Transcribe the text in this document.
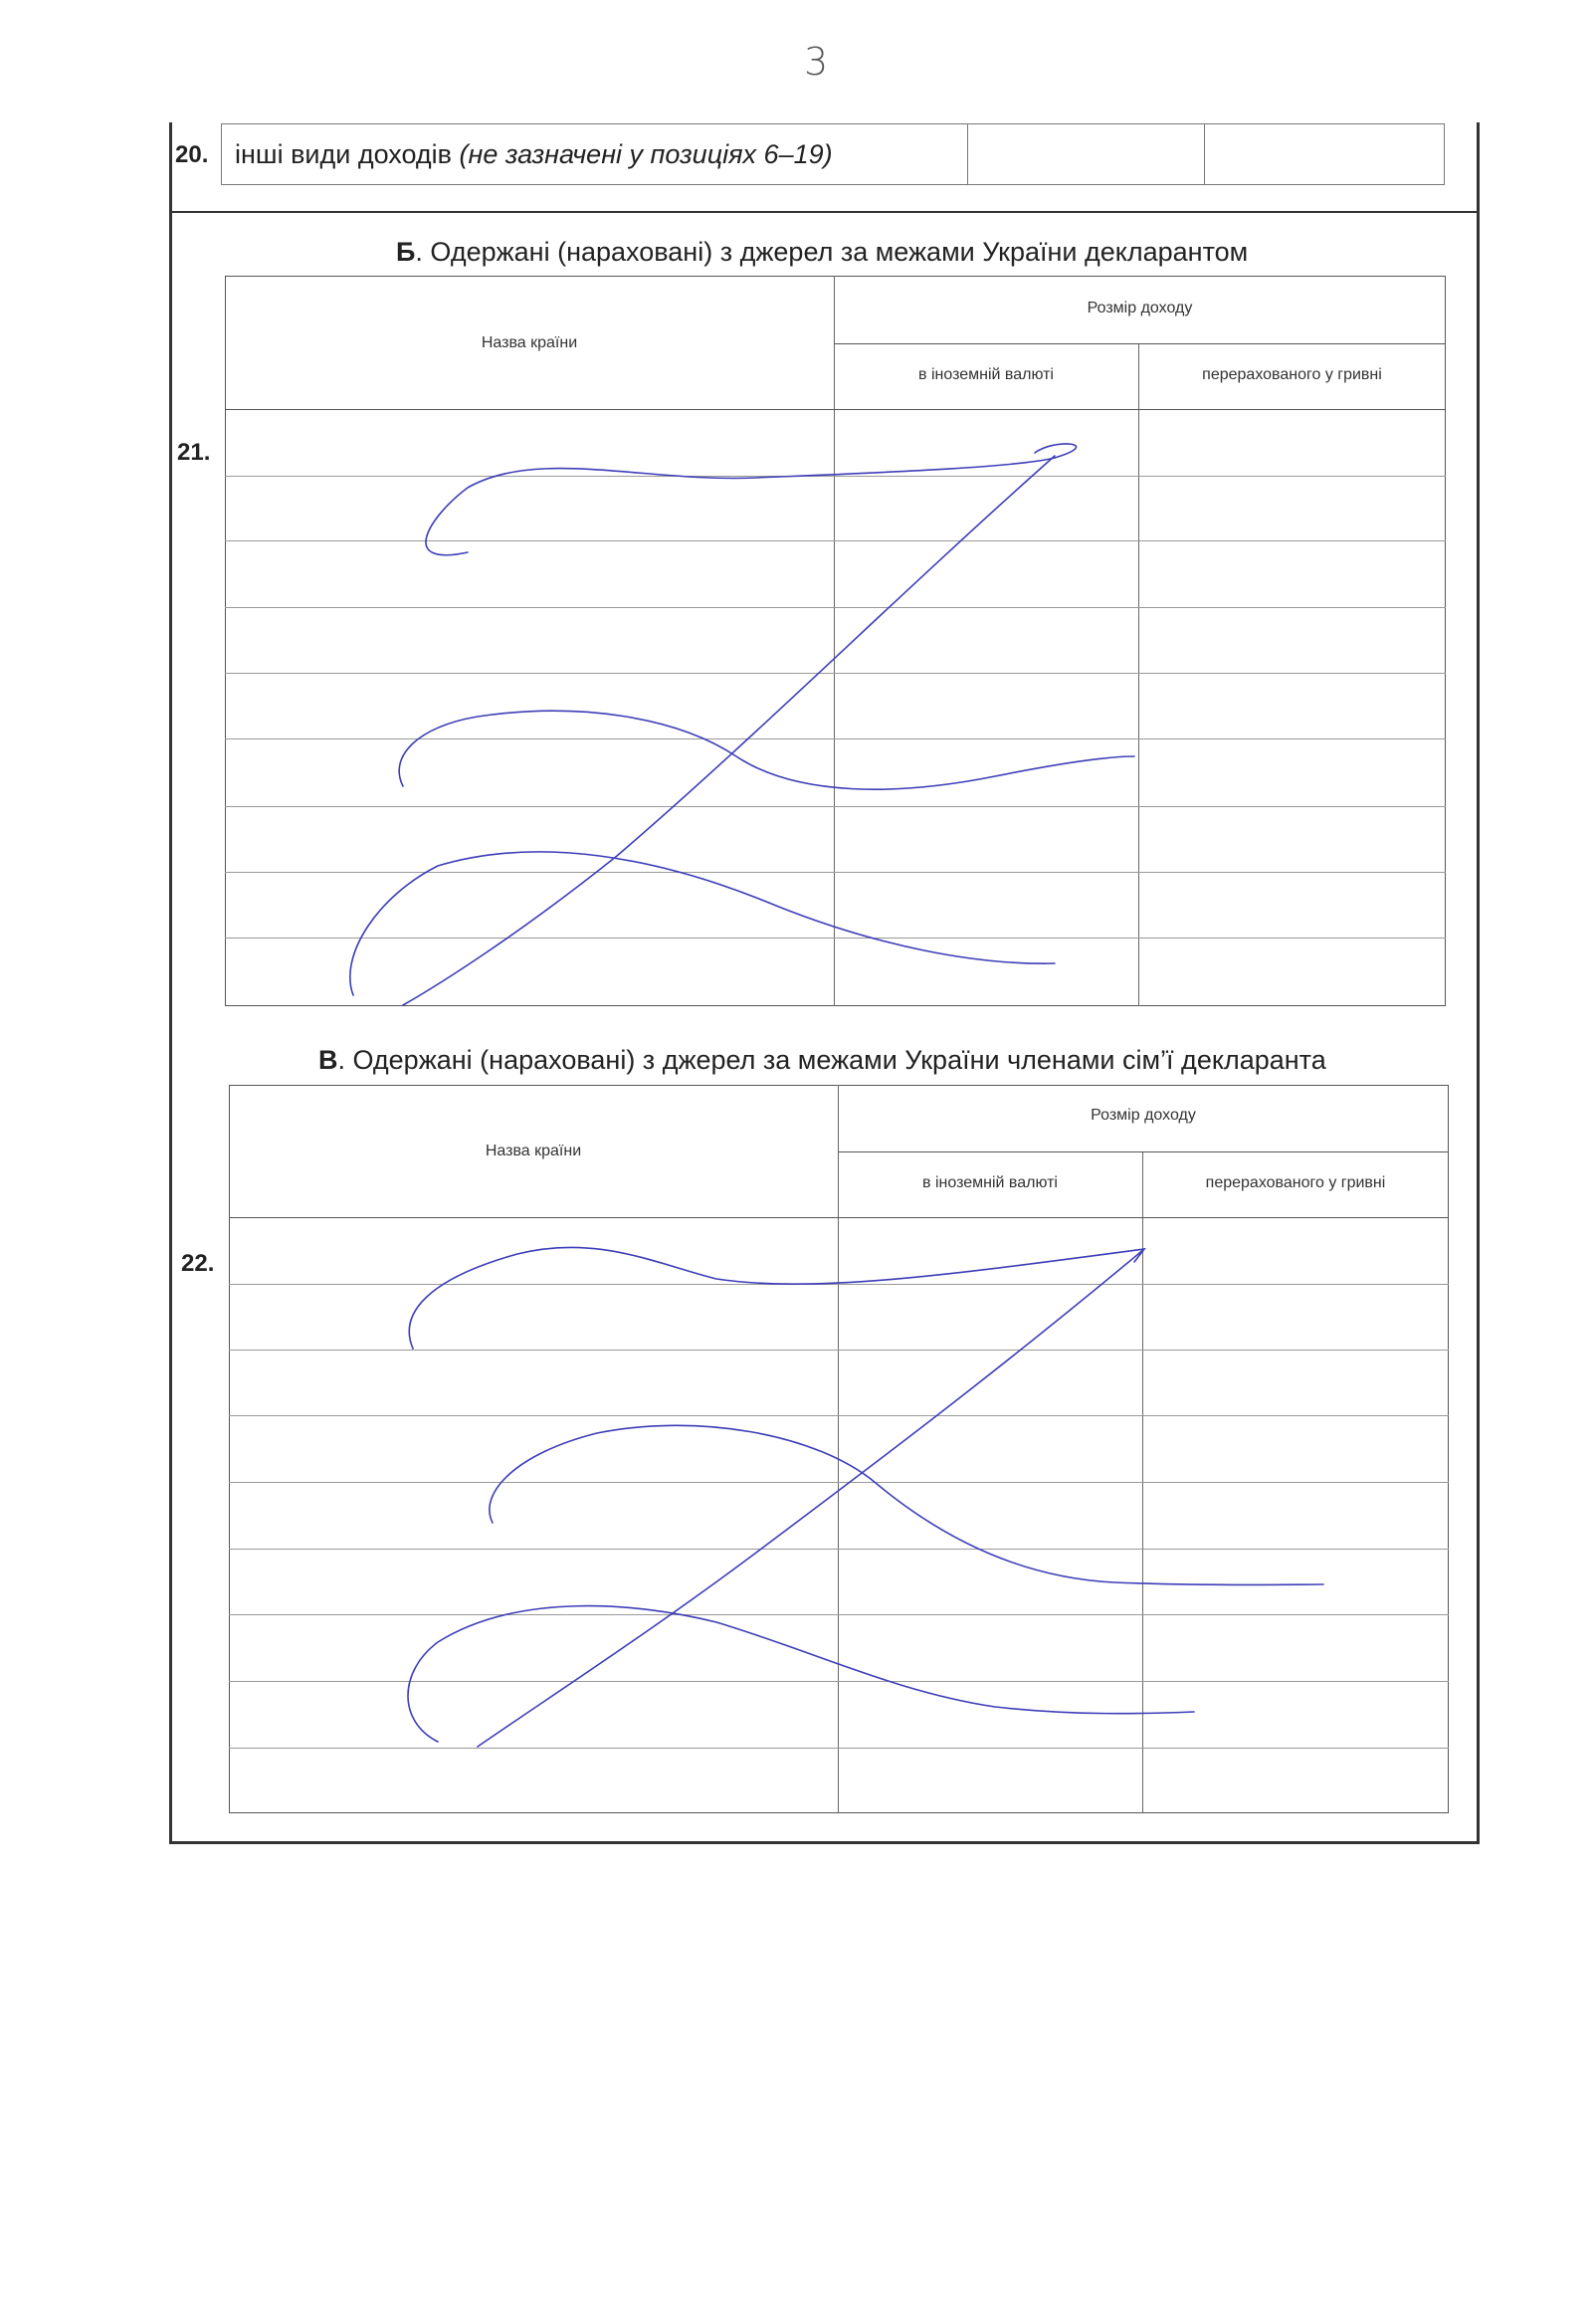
3
20. інші види доходів (не зазначені у позиціях 6–19)
Б. Одержані (нараховані) з джерел за межами України декларантом
Назва країни
Розмір доходу
в іноземній валюті	перерахованого у гривні
21.
В. Одержані (нараховані) з джерел за межами України членами сім’ї декларанта
Назва країни
Розмір доходу
в іноземній валюті	перерахованого у гривні
22.
